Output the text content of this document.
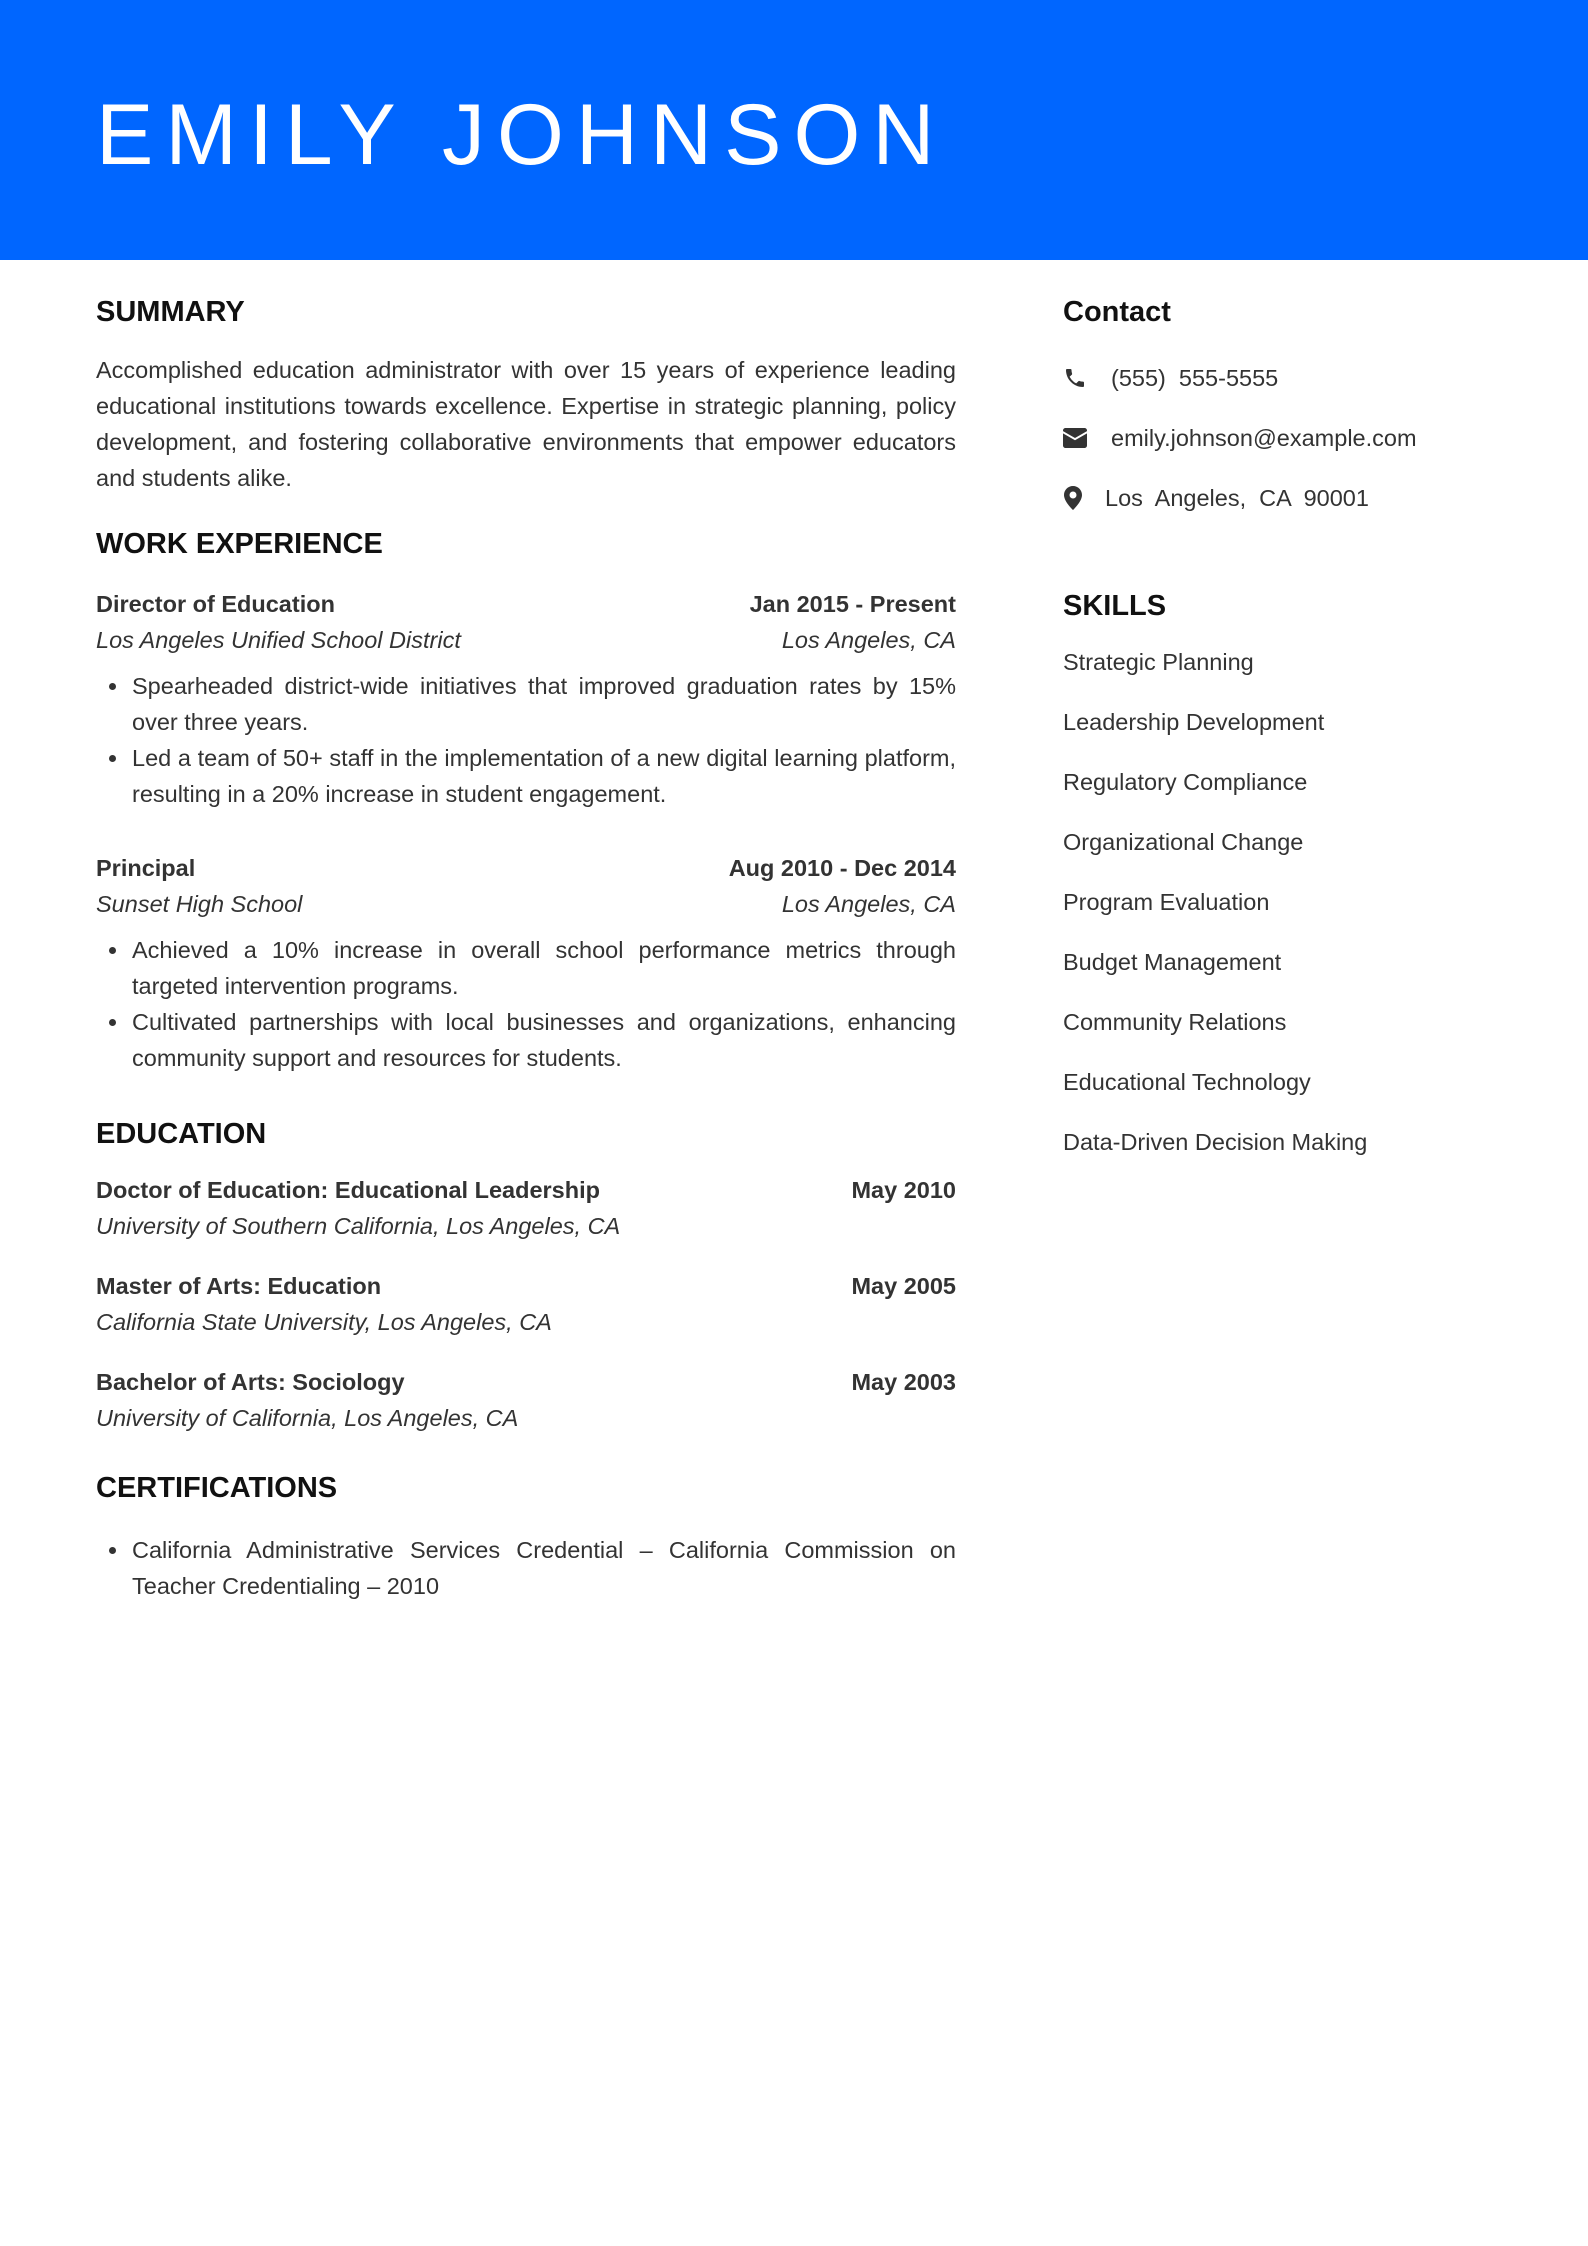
EMILY JOHNSON
SUMMARY

Accomplished education administrator with over 15 years of experience leading educational institutions towards excellence. Expertise in strategic planning, policy development, and fostering collaborative environments that empower educators and students alike.

WORK EXPERIENCE
Director of Education	Jan 2015 - Present
Los Angeles Unified School District	Los Angeles, CA
Spearheaded district-wide initiatives that improved graduation rates by 15% over three years.
Led a team of 50+ staff in the implementation of a new digital learning platform, resulting in a 20% increase in student engagement.
Principal	Aug 2010 - Dec 2014
Sunset High School	Los Angeles, CA
Achieved a 10% increase in overall school performance metrics through targeted intervention programs.
Cultivated partnerships with local businesses and organizations, enhancing community support and resources for students.
EDUCATION
Doctor of Education: Educational Leadership	May 2010
University of Southern California, Los Angeles, CA
Master of Arts: Education	May 2005
California State University, Los Angeles, CA
Bachelor of Arts: Sociology	May 2003
University of California, Los Angeles, CA
CERTIFICATIONS
California Administrative Services Credential – California Commission on Teacher Credentialing – 2010
Contact
(555)  555-5555
emily.johnson@example.com
Los  Angeles,  CA  90001
SKILLS
Strategic Planning
Leadership Development
Regulatory Compliance
Organizational Change
Program Evaluation
Budget Management
Community Relations
Educational Technology
Data-Driven Decision Making
